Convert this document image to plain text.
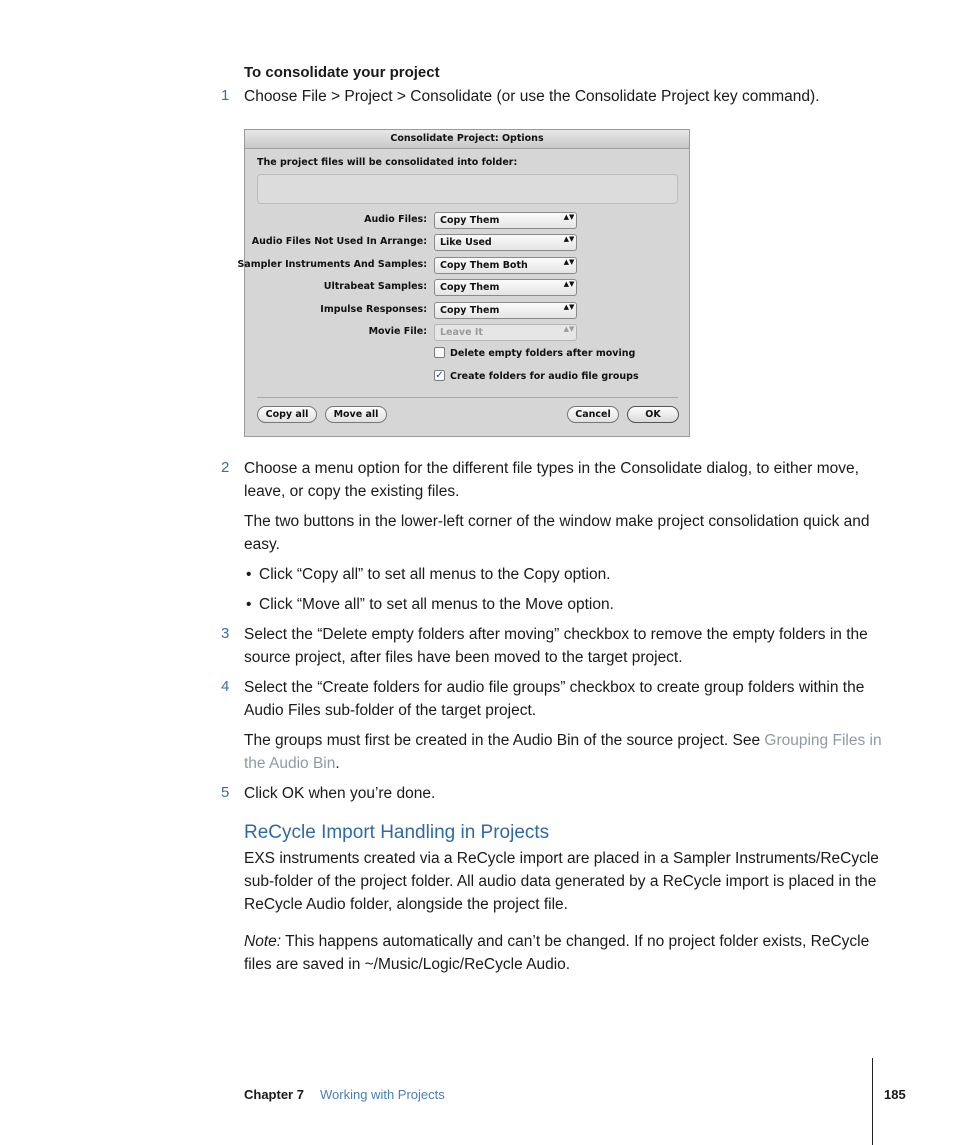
To consolidate your project
1 Choose File > Project > Consolidate (or use the Consolidate Project key command).
Consolidate Project: Options
The project files will be consolidated into folder:
Audio Files:	Copy Them	▲▼
Audio Files Not Used In Arrange:	Like Used	▲▼
Sampler Instruments And Samples:	Copy Them Both	▲▼
Ultrabeat Samples:	Copy Them	▲▼
Impulse Responses:	Copy Them	▲▼
Movie File:	Leave It	▲▼
Delete empty folders after moving
✓ Create folders for audio file groups
Copy all	Move all	Cancel	OK
2 Choose a menu option for the different file types in the Consolidate dialog, to either move, leave, or copy the existing files.
The two buttons in the lower-left corner of the window make project consolidation quick and easy.
• Click “Copy all” to set all menus to the Copy option.
• Click “Move all” to set all menus to the Move option.
3 Select the “Delete empty folders after moving” checkbox to remove the empty folders in the source project, after files have been moved to the target project.
4 Select the “Create folders for audio file groups” checkbox to create group folders within the Audio Files sub-folder of the target project.
The groups must first be created in the Audio Bin of the source project. See Grouping Files in the Audio Bin.
5 Click OK when you’re done.
ReCycle Import Handling in Projects
EXS instruments created via a ReCycle import are placed in a Sampler Instruments/ReCycle sub-folder of the project folder. All audio data generated by a ReCycle import is placed in the ReCycle Audio folder, alongside the project file.
Note: This happens automatically and can’t be changed. If no project folder exists, ReCycle files are saved in ~/Music/Logic/ReCycle Audio.
Chapter 7 Working with Projects	185
